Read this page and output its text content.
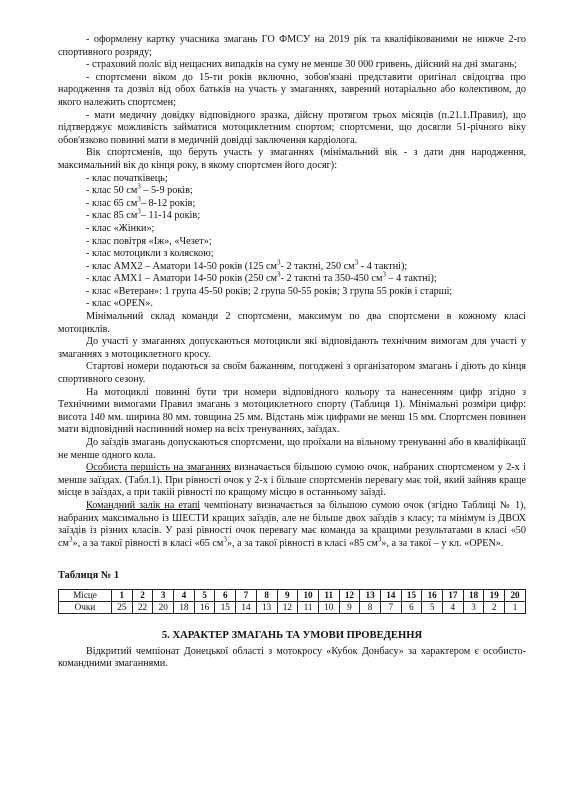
- оформлену картку учасника змагань ГО ФМСУ на 2019 рік та кваліфікованими не нижче 2-го спортивного розряду;

- страховий поліс від нещасних випадків на суму не менше 30 000 гривень, дійсний на дні змагань;

- спортсмени віком до 15-ти років включно, зобов'язані представити оригінал свідоцтва про народження та дозвіл від обох батьків на участь у змаганнях, заврений нотаріально або колективом, до якого належить спортсмен;

- мати медичну довідку відповідного зразка, дійсну протягом трьох місяців (п.21.1.Правил), що підтверджує можливість займатися мотоциклетним спортом; спортсмени, що досягли 51-річного віку обов'язково повинні мати в медичній довідці заключення кардіолога.

Вік спортсменів, що беруть участь у змаганнях (мінімальний вік - з дати дня народження, максимальний вік до кінця року, в якому спортсмен його досяг):

- клас початківець;

- клас 50 см$^3$ – 5-9 років;

- клас 65 см$^3$– 8-12 років;

- клас 85 см$^3$– 11-14 років;

- клас «Жінки»;

- клас повітря «Іж», «Чезет»;

- клас мотоцикли з коляскою;

- клас АМХ2 – Аматори 14-50 років (125 см$^3$- 2 тактні, 250 см$^3$ - 4 тактні);

- клас АМХ1 – Аматори 14-50 років (250 см$^3$- 2 тактні та 350-450 см$^3$ – 4 тактні);

- клас «Ветеран»: 1 група 45-50 років; 2 група 50-55 років; 3 група 55 років і старші;

- клас «OPEN».

Мінімальний склад команди 2 спортсмени, максимум по два спортсмени в кожному класі мотоциклів.

До участі у змаганнях допускаються мотоцикли які відповідають технічним вимогам для участі у змаганнях з мотоциклетного кросу.

Стартові номери подаються за своїм бажанням, погоджені з організатором змагань і діють до кінця спортивного сезону.

На мотоциклі повинні бути три номери відповідного кольору та нанесенням цифр згідно з Технічними вимогами Правил змагань з мотоциклетного спорту (Таблиця 1). Мінімальні розміри цифр: висота 140 мм. ширина 80 мм. товщина 25 мм. Відстань між цифрами не менш 15 мм. Спортсмен повинен мати відповідний наспинний номер на всіх тренуваннях, заїздах.

До заїздів змагань допускаються спортсмени, що проїхали на вільному тренуванні або в кваліфікації не менше одного кола.

Особиста першість на змаганнях визначається більшою сумою очок, набраних спортсменом у 2-х і менше заїздах. (Табл.1). При рівності очок у 2-х і більше спортсменів перевагу має той, який зайняв краще місце в заїздах, а при такій рівності по кращому місцю в останньому заїзді.

Командний залік на етапі чемпіонату визначається за більшою сумою очок (згідно Таблиці № 1), набраних максимально із ШЕСТИ кращих заїздів, але не більше двох заїздів з класу; та мінімум із ДВОХ заїздів із різних класів. У разі рівності очок перевагу має команда за кращими результатами в класі «50 см$^3$», а за такої рівності в класі «65 см$^3$», а за такої рівності в класі «85 см$^3$», а за такої – у кл. «OPEN».

Таблиця № 1
Місце	1	2	3	4	5	6	7	8	9	10	11	12	13	14	15	16	17	18	19	20
Очки	25	22	20	18	16	15	14	13	12	11	10	9	8	7	6	5	4	3	2	1
5. ХАРАКТЕР ЗМАГАНЬ ТА УМОВИ ПРОВЕДЕННЯ

Відкритий чемпіонат Донецької області з мотокросу «Кубок Донбасу» за характером є особисто-командними змаганнями.
